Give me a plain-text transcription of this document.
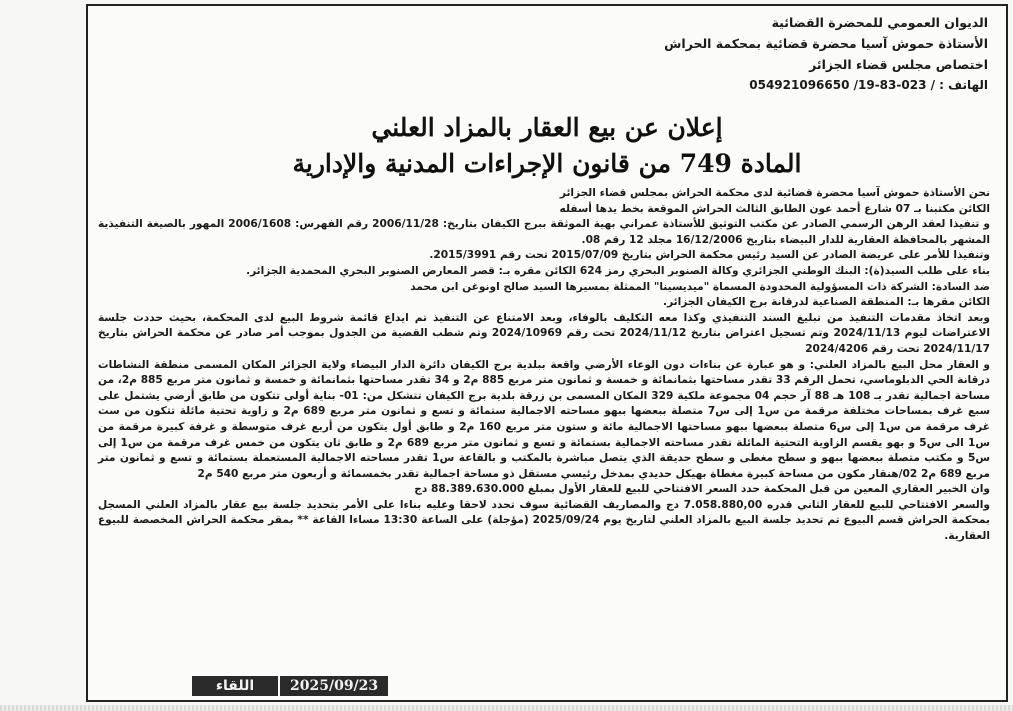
الديوان العمومي للمحضرة القضائية
الأستاذة حموش آسيا محضرة قضائية بمحكمة الحراش
اختصاص مجلس قضاء الجزائر
الهاتف : / 054921096650 /19-83-023
إعلان عن بيع العقار بالمزاد العلني
المادة 749 من قانون الإجراءات المدنية والإدارية

نحن الأستاذة حموش آسيا محضرة قضائية لدى محكمة الحراش بمجلس قضاء الجزائر

الكائن مكتبنا بـ 07 شارع أحمد عون الطابق الثالث الحراش الموقعة بخط يدها أسفله

و تنفيذا لعقد الرهن الرسمي الصادر عن مكتب التوثيق للأستاذة عمراني بهية الموثقة ببرج الكيفان بتاريخ: 2006/11/28 رقم الفهرس: 2006/1608 المهور بالصيغة التنفيذية المشهر بالمحافظة العقارية للدار البيضاء بتاريخ 16/12/2006 مجلد 12 رقم 08.

وتنفيذا للأمر على عريضة الصادر عن السيد رئيس محكمة الحراش بتاريخ 2015/07/09 تحت رقم 2015/3991.

بناء على طلب السيد(ة): البنك الوطني الجزائري وكالة الصنوبر البحري رمز 624 الكائن مقره بـ: قصر المعارض الصنوبر البحري المحمدية الجزائر.

ضد السادة: الشركة ذات المسؤولية المحدودة المسماة "ميديسينا" الممثلة بمسيرها السيد صالح اونوغن ابن محمد

الكائن مقرها بـ: المنطقة الصناعية لدرقانة برج الكيفان الجزائر.

وبعد اتخاذ مقدمات التنفيذ من تبليغ السند التنفيذي وكذا معه التكليف بالوفاء، وبعد الامتناع عن التنفيذ تم ايداع قائمة شروط البيع لدى المحكمة، بحيث حددت جلسة الاعتراضات ليوم 2024/11/13 وتم تسجيل اعتراض بتاريخ 2024/11/12 تحت رقم 2024/10969 وتم شطب القضية من الجدول بموجب أمر صادر عن محكمة الحراش بتاريخ 2024/11/17 تحت رقم 2024/4206

و العقار محل البيع بالمزاد العلني: و هو عبارة عن بناءات دون الوعاء الأرضي واقعة ببلدية برج الكيفان دائرة الدار البيضاء ولاية الجزائر المكان المسمى منطقة النشاطات درقانة الحي الدبلوماسي، تحمل الرقم 33 تقدر مساحتها بثمانمائة و خمسة و ثمانون متر مربع 885 م2 و 34 تقدر مساحتها بثمانمائة و خمسة و ثمانون متر مربع 885 م2، من مساحة اجمالية تقدر بـ 108 هـ 88 آر حجم 04 مجموعة ملكية 329 المكان المسمى بن زرقة بلدية برج الكيفان تتشكل من: 01- بناية أولى تتكون من طابق أرضي يشتمل على سبع غرف بمساحات مختلفة مرقمة من س1 إلى س7 متصلة ببعضها ببهو مساحته الاجمالية ستمائة و تسع و ثمانون متر مربع 689 م2 و زاوية تحتية مائلة تتكون من ست غرف مرقمة من س1 إلى س6 متصلة ببعضها ببهو مساحتها الاجمالية مائة و ستون متر مربع 160 م2 و طابق أول يتكون من أربع غرف متوسطة و غرفة كبيرة مرقمة من س1 الى س5 و بهو يقسم الزاوية التحتية المائلة تقدر مساحته الاجمالية بستمائة و تسع و ثمانون متر مربع 689 م2 و طابق ثان يتكون من خمس غرف مرقمة من س1 إلى س5 و مكتب متصلة ببعضها ببهو و سطح مغطى و سطح حديقة الذي يتصل مباشرة بالمكتب و بالقاعة س1 تقدر مساحته الاجمالية المستعملة بستمائة و تسع و ثمانون متر مربع 689 م2 02/هنقار مكون من مساحة كبيرة مغطاة بهيكل حديدي بمدخل رئيسي مستقل ذو مساحة اجمالية تقدر بخمسمائة و أربعون متر مربع 540 م2

وان الخبير العقاري المعين من قبل المحكمة حدد السعر الافتتاحي للبيع للعقار الأول بمبلغ 88.389.630.000 دج

والسعر الافتتاحي للبيع للعقار الثاني قدره 7.058.880,00 دج والمصاريف القضائية سوف تحدد لاحقا وعليه بناءا على الأمر بتحديد جلسة بيع عقار بالمزاد العلني المسجل بمحكمة الحراش قسم البيوع تم تحديد جلسة البيع بالمزاد العلني لتاريخ يوم 2025/09/24 (مؤجلة) على الساعة 13:30 مساءا القاعة ** بمقر محكمة الحراش المخصصة للبيوع العقارية.

اللقاء	2025/09/23
